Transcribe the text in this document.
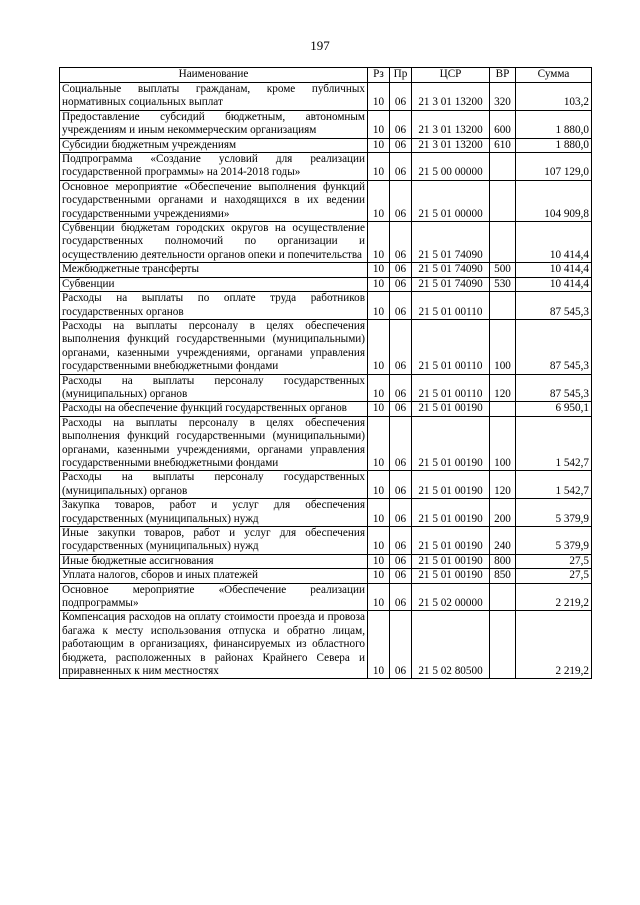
197
Наименование	Рз	Пр	ЦСР	ВР	Сумма
Социальные выплаты гражданам, кроме публичных нормативных социальных выплат	10	06	21 3 01 13200	320	103,2
Предоставление субсидий бюджетным, автономным учреждениям и иным некоммерческим организациям	10	06	21 3 01 13200	600	1 880,0
Субсидии бюджетным учреждениям	10	06	21 3 01 13200	610	1 880,0
Подпрограмма «Создание условий для реализации государственной программы» на 2014-2018 годы»	10	06	21 5 00 00000		107 129,0
Основное мероприятие «Обеспечение выполнения функций государственными органами и находящихся в их ведении государственными учреждениями»	10	06	21 5 01 00000		104 909,8
Субвенции бюджетам городских округов на осуществление государственных полномочий по организации и осуществлению деятельности органов опеки и попечительства	10	06	21 5 01 74090		10 414,4
Межбюджетные трансферты	10	06	21 5 01 74090	500	10 414,4
Субвенции	10	06	21 5 01 74090	530	10 414,4
Расходы на выплаты по оплате труда работников государственных органов	10	06	21 5 01 00110		87 545,3
Расходы на выплаты персоналу в целях обеспечения выполнения функций государственными (муниципальными) органами, казенными учреждениями, органами управления государственными внебюджетными фондами	10	06	21 5 01 00110	100	87 545,3
Расходы на выплаты персоналу государственных (муниципальных) органов	10	06	21 5 01 00110	120	87 545,3
Расходы на обеспечение функций государственных органов	10	06	21 5 01 00190		6 950,1
Расходы на выплаты персоналу в целях обеспечения выполнения функций государственными (муниципальными) органами, казенными учреждениями, органами управления государственными внебюджетными фондами	10	06	21 5 01 00190	100	1 542,7
Расходы на выплаты персоналу государственных (муниципальных) органов	10	06	21 5 01 00190	120	1 542,7
Закупка товаров, работ и услуг для обеспечения государственных (муниципальных) нужд	10	06	21 5 01 00190	200	5 379,9
Иные закупки товаров, работ и услуг для обеспечения государственных (муниципальных) нужд	10	06	21 5 01 00190	240	5 379,9
Иные бюджетные ассигнования	10	06	21 5 01 00190	800	27,5
Уплата налогов, сборов и иных платежей	10	06	21 5 01 00190	850	27,5
Основное мероприятие «Обеспечение реализации подпрограммы»	10	06	21 5 02 00000		2 219,2
Компенсация расходов на оплату стоимости проезда и провоза багажа к месту использования отпуска и обратно лицам, работающим в организациях, финансируемых из областного бюджета, расположенных в районах Крайнего Севера и приравненных к ним местностях	10	06	21 5 02 80500		2 219,2
